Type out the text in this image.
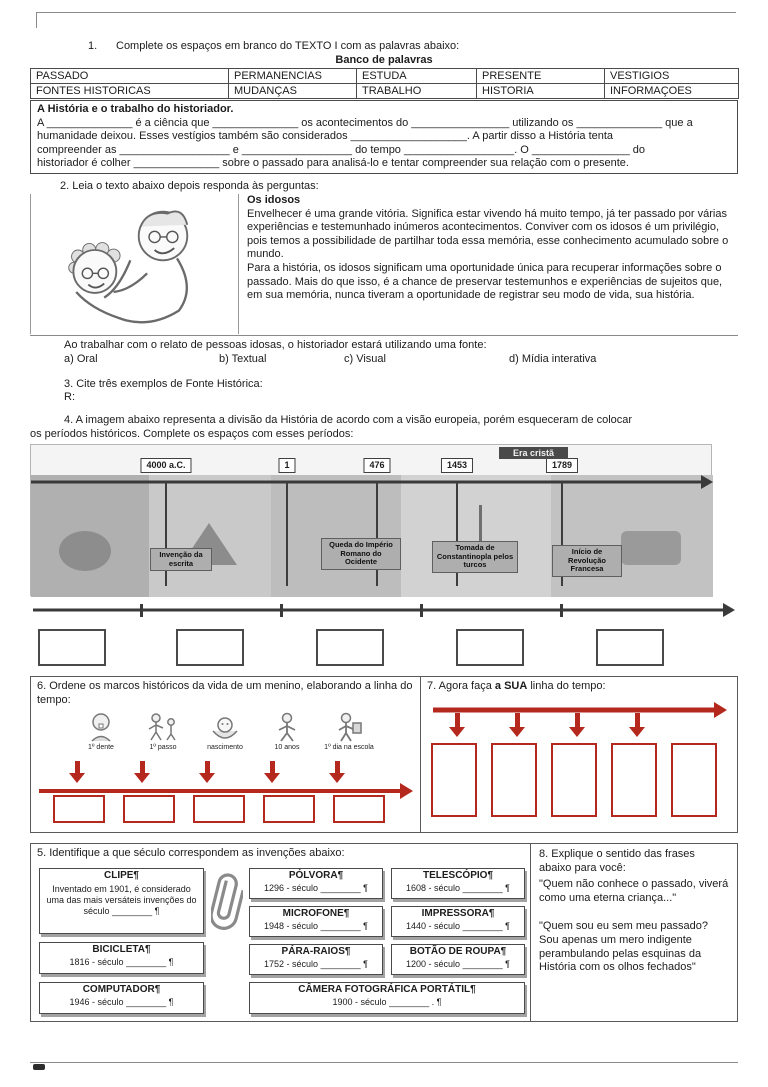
1. Complete os espaços em branco do TEXTO I com as palavras abaixo:
Banco de palavras
PASSADO	PERMANENCIAS	ESTUDA	PRESENTE	VESTIGIOS
FONTES HISTORICAS	MUDANÇAS	TRABALHO	HISTORIA	INFORMAÇOES
A História e o trabalho do historiador.
A ______________ é a ciência que ______________ os acontecimentos do ________________ utilizando os ______________ que a
humanidade deixou. Esses vestígios também são considerados ___________________. A partir disso a História tenta
compreender as __________________ e __________________ do tempo __________________. O ________________ do
historiador é colher ______________ sobre o passado para analisá-lo e tentar compreender sua relação com o presente.
2. Leia o texto abaixo depois responda às perguntas:
Os idosos
Envelhecer é uma grande vitória. Significa estar vivendo há muito tempo, já ter passado por várias experiências e testemunhado inúmeros acontecimentos. Conviver com os idosos é um privilégio, pois temos a possibilidade de partilhar toda essa memória, esse conhecimento acumulado sobre o mundo.
Para a história, os idosos significam uma oportunidade única para recuperar informações sobre o passado. Mais do que isso, é a chance de preservar testemunhos e experiências de sujeitos que, em sua memória, nunca tiveram a oportunidade de registrar seu modo de vida, sua história.
Ao trabalhar com o relato de pessoas idosas, o historiador estará utilizando uma fonte:
a) Oral	b) Textual	c) Visual	d) Mídia interativa
3. Cite três exemplos de Fonte Histórica:
R:
4. A imagem abaixo representa a divisão da História de acordo com a visão europeia, porém esqueceram de colocar
os períodos históricos. Complete os espaços com esses períodos:
Era cristã
4000 a.C.	1	476	1453	1789
Invenção da escrita
Queda do Império Romano do Ocidente
Tomada de Constantinopla pelos turcos
Início de Revolução Francesa
6. Ordene os marcos históricos da vida de um menino, elaborando a linha do tempo:
1º dente	1º passo	nascimento	10 anos	1º dia na escola
7. Agora faça a SUA linha do tempo:
5. Identifique a que século correspondem as invenções abaixo:
CLIPE¶
Inventado em 1901, é considerado uma das mais versáteis invenções do século ________ ¶
BICICLETA¶
1816 - século ________ ¶
COMPUTADOR¶
1946 - século ________ ¶
PÓLVORA¶
1296 - século ________ ¶
TELESCÓPIO¶
1608 - século ________ ¶
MICROFONE¶
1948 - século ________ ¶
IMPRESSORA¶
1440 - século ________ ¶
PÁRA-RAIOS¶
1752 - século ________ ¶
BOTÃO DE ROUPA¶
1200 - século ________ ¶
CÂMERA FOTOGRÁFICA PORTÁTIL¶
1900 - século ________ . ¶
8. Explique o sentido das frases abaixo para você:
"Quem não conhece o passado, viverá como uma eterna criança..."
"Quem sou eu sem meu passado? Sou apenas um mero indigente perambulando pelas esquinas da História com os olhos fechados"
